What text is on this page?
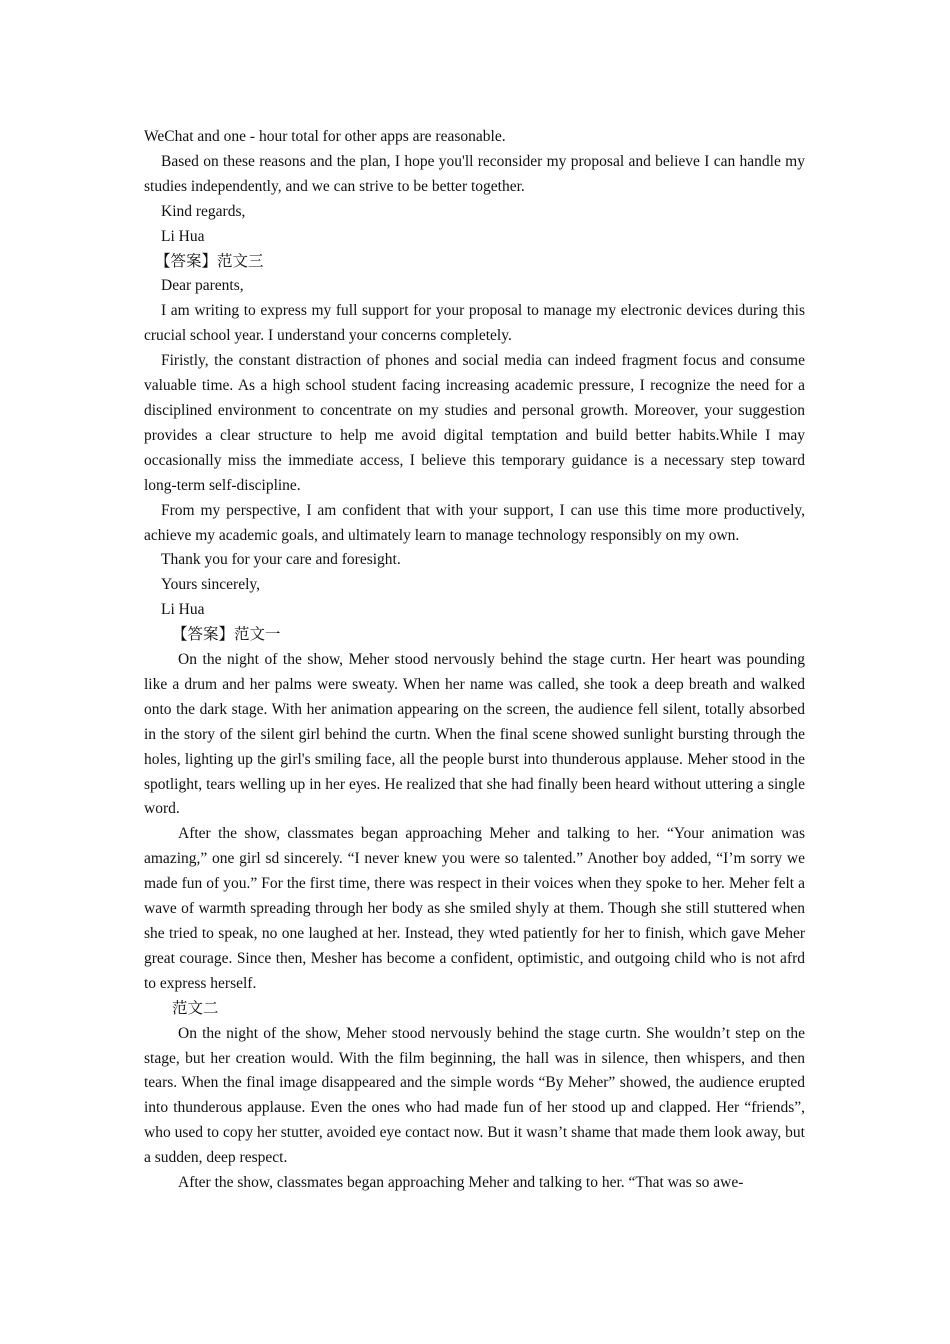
WeChat and one - hour total for other apps are reasonable.

Based on these reasons and the plan, I hope you'll reconsider my proposal and believe I can handle my studies independently, and we can strive to be better together.

Kind regards,

Li Hua

【答案】范文三

Dear parents,

I am writing to express my full support for your proposal to manage my electronic devices during this crucial school year. I understand your concerns completely.

Firistly, the constant distraction of phones and social media can indeed fragment focus and consume valuable time. As a high school student facing increasing academic pressure, I recognize the need for a disciplined environment to concentrate on my studies and personal growth. Moreover, your suggestion provides a clear structure to help me avoid digital temptation and build better habits.While I may occasionally miss the immediate access, I believe this temporary guidance is a necessary step toward long-term self-discipline.

From my perspective, I am confident that with your support, I can use this time more productively, achieve my academic goals, and ultimately learn to manage technology responsibly on my own.

Thank you for your care and foresight.

Yours sincerely,

Li Hua

【答案】范文一

On the night of the show, Meher stood nervously behind the stage curtn. Her heart was pounding like a drum and her palms were sweaty. When her name was called, she took a deep breath and walked onto the dark stage. With her animation appearing on the screen, the audience fell silent, totally absorbed in the story of the silent girl behind the curtn. When the final scene showed sunlight bursting through the holes, lighting up the girl's smiling face, all the people burst into thunderous applause. Meher stood in the spotlight, tears welling up in her eyes. He realized that she had finally been heard without uttering a single word.

After the show, classmates began approaching Meher and talking to her. “Your animation was amazing,” one girl sd sincerely. “I never knew you were so talented.” Another boy added, “I’m sorry we made fun of you.” For the first time, there was respect in their voices when they spoke to her. Meher felt a wave of warmth spreading through her body as she smiled shyly at them. Though she still stuttered when she tried to speak, no one laughed at her. Instead, they wted patiently for her to finish, which gave Meher great courage. Since then, Mesher has become a confident, optimistic, and outgoing child who is not afrd to express herself.

范文二

On the night of the show, Meher stood nervously behind the stage curtn. She wouldn’t step on the stage, but her creation would. With the film beginning, the hall was in silence, then whispers, and then tears. When the final image disappeared and the simple words “By Meher” showed, the audience erupted into thunderous applause. Even the ones who had made fun of her stood up and clapped. Her “friends”, who used to copy her stutter, avoided eye contact now. But it wasn’t shame that made them look away, but a sudden, deep respect.

After the show, classmates began approaching Meher and talking to her. “That was so awe-
